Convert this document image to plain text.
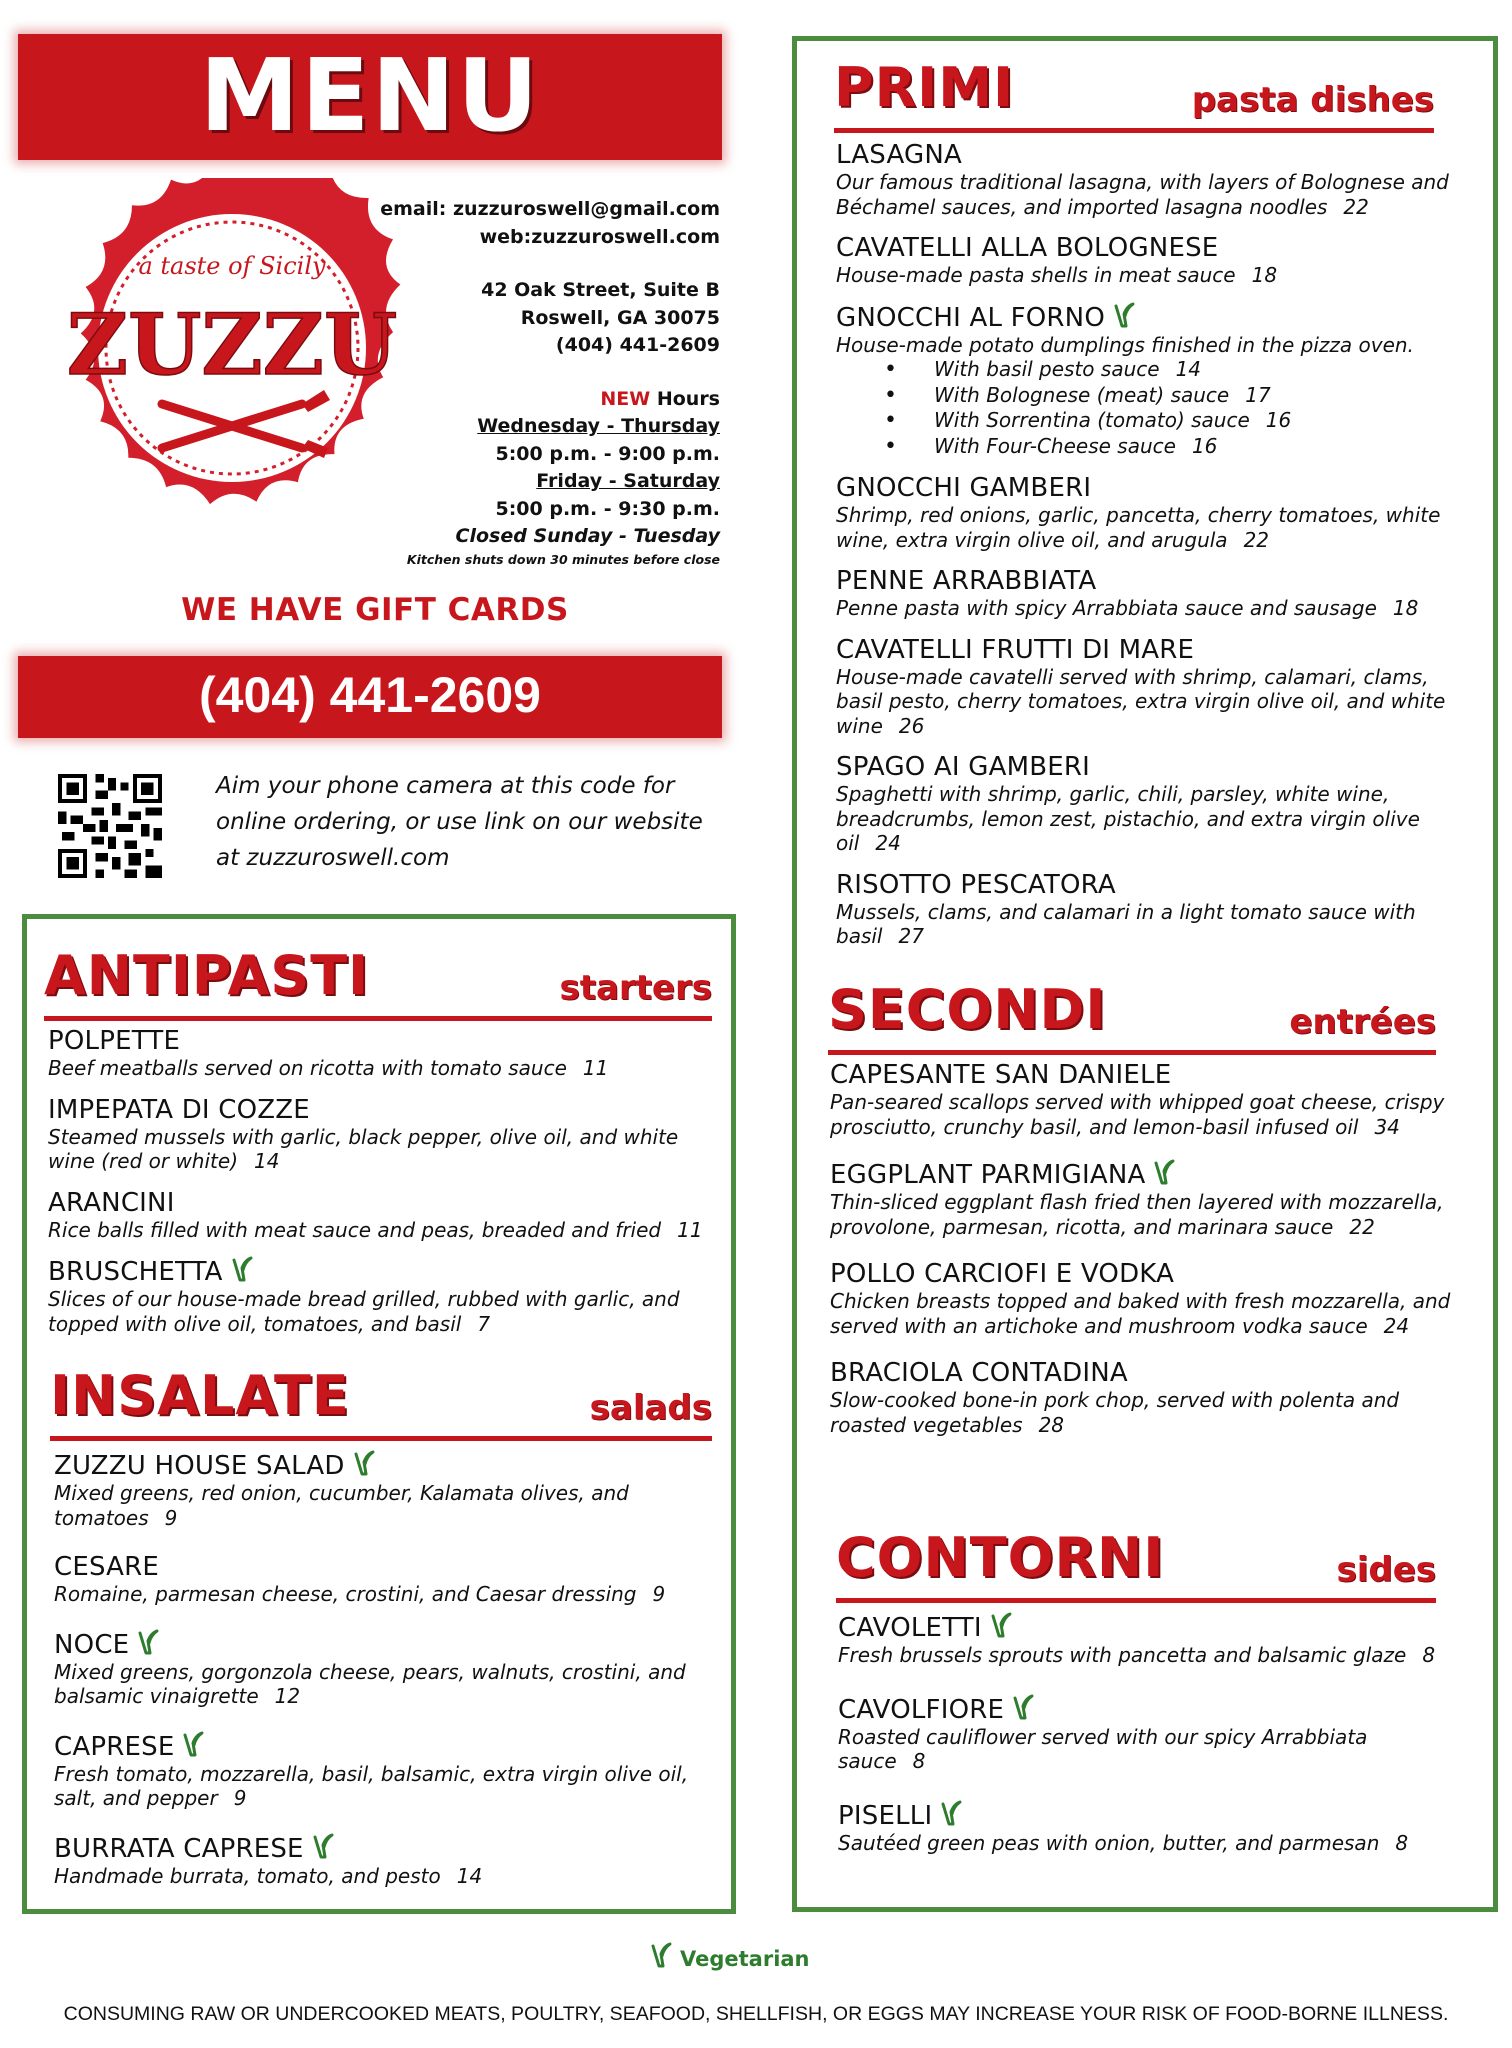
MENU
a taste of Sicily
ZUZZU
email: zuzzuroswell@gmail.com
web:zuzzuroswell.com
42 Oak Street, Suite B
Roswell, GA 30075
(404) 441-2609
NEW Hours
Wednesday - Thursday
5:00 p.m. - 9:00 p.m.
Friday - Saturday
5:00 p.m. - 9:30 p.m.
Closed Sunday - Tuesday
Kitchen shuts down 30 minutes before close
WE HAVE GIFT CARDS
(404) 441-2609
Aim your phone camera at this code for online ordering, or use link on our website at zuzzuroswell.com
ANTIPASTI	starters
POLPETTE
Beef meatballs served on ricotta with tomato sauce 11
IMPEPATA DI COZZE
Steamed mussels with garlic, black pepper, olive oil, and white wine (red or white) 14
ARANCINI
Rice balls filled with meat sauce and peas, breaded and fried 11
BRUSCHETTA
Slices of our house-made bread grilled, rubbed with garlic, and topped with olive oil, tomatoes, and basil 7
INSALATE	salads
ZUZZU HOUSE SALAD
Mixed greens, red onion, cucumber, Kalamata olives, and tomatoes 9
CESARE
Romaine, parmesan cheese, crostini, and Caesar dressing 9
NOCE
Mixed greens, gorgonzola cheese, pears, walnuts, crostini, and balsamic vinaigrette 12
CAPRESE
Fresh tomato, mozzarella, basil, balsamic, extra virgin olive oil, salt, and pepper 9
BURRATA CAPRESE
Handmade burrata, tomato, and pesto 14
PRIMI	pasta dishes
LASAGNA
Our famous traditional lasagna, with layers of Bolognese and Béchamel sauces, and imported lasagna noodles 22
CAVATELLI ALLA BOLOGNESE
House-made pasta shells in meat sauce 18
GNOCCHI AL FORNO
House-made potato dumplings finished in the pizza oven.
• With basil pesto sauce 14
• With Bolognese (meat) sauce 17
• With Sorrentina (tomato) sauce 16
• With Four-Cheese sauce 16
GNOCCHI GAMBERI
Shrimp, red onions, garlic, pancetta, cherry tomatoes, white wine, extra virgin olive oil, and arugula 22
PENNE ARRABBIATA
Penne pasta with spicy Arrabbiata sauce and sausage 18
CAVATELLI FRUTTI DI MARE
House-made cavatelli served with shrimp, calamari, clams, basil pesto, cherry tomatoes, extra virgin olive oil, and white wine 26
SPAGO AI GAMBERI
Spaghetti with shrimp, garlic, chili, parsley, white wine, breadcrumbs, lemon zest, pistachio, and extra virgin olive oil 24
RISOTTO PESCATORA
Mussels, clams, and calamari in a light tomato sauce with basil 27
SECONDI	entrées
CAPESANTE SAN DANIELE
Pan-seared scallops served with whipped goat cheese, crispy prosciutto, crunchy basil, and lemon-basil infused oil 34
EGGPLANT PARMIGIANA
Thin-sliced eggplant flash fried then layered with mozzarella, provolone, parmesan, ricotta, and marinara sauce 22
POLLO CARCIOFI E VODKA
Chicken breasts topped and baked with fresh mozzarella, and served with an artichoke and mushroom vodka sauce 24
BRACIOLA CONTADINA
Slow-cooked bone-in pork chop, served with polenta and roasted vegetables 28
CONTORNI	sides
CAVOLETTI
Fresh brussels sprouts with pancetta and balsamic glaze 8
CAVOLFIORE
Roasted cauliflower served with our spicy Arrabbiata sauce 8
PISELLI
Sautéed green peas with onion, butter, and parmesan 8
Vegetarian
CONSUMING RAW OR UNDERCOOKED MEATS, POULTRY, SEAFOOD, SHELLFISH, OR EGGS MAY INCREASE YOUR RISK OF FOOD-BORNE ILLNESS.
